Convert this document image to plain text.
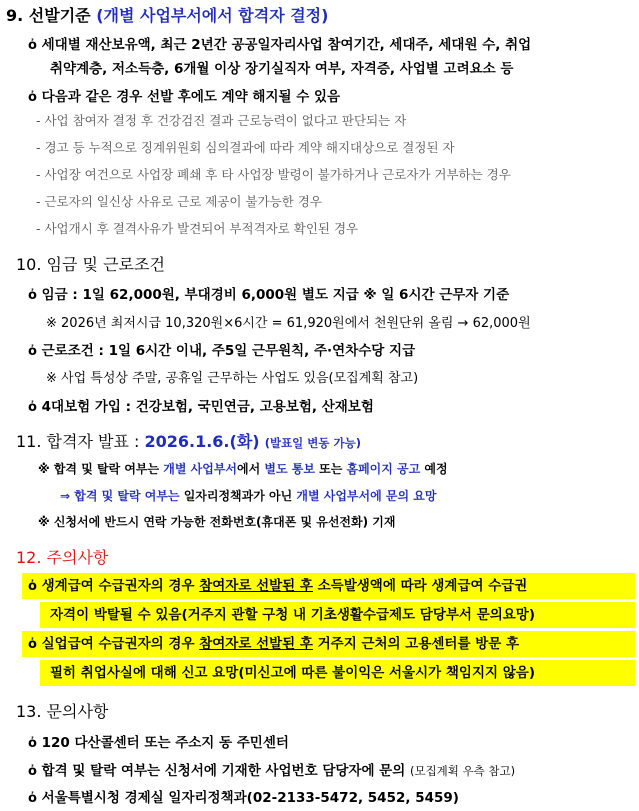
9. 선발기준 (개별 사업부서에서 합격자 결정)
ὀ 세대별 재산보유액, 최근 2년간 공공일자리사업 참여기간, 세대주, 세대원 수, 취업
취약계층, 저소득층, 6개월 이상 장기실직자 여부, 자격증, 사업별 고려요소 등
ὀ 다음과 같은 경우 선발 후에도 계약 해지될 수 있음
- 사업 참여자 결정 후 건강검진 결과 근로능력이 없다고 판단되는 자
- 경고 등 누적으로 징계위원회 심의결과에 따라 계약 해지대상으로 결정된 자
- 사업장 여건으로 사업장 폐쇄 후 타 사업장 발령이 불가하거나 근로자가 거부하는 경우
- 근로자의 일신상 사유로 근로 제공이 불가능한 경우
- 사업개시 후 결격사유가 발견되어 부적격자로 확인된 경우
10. 임금 및 근로조건
ὀ 임금 : 1일 62,000원, 부대경비 6,000원 별도 지급 ※ 일 6시간 근무자 기준
※ 2026년 최저시급 10,320원×6시간 = 61,920원에서 천원단위 올림 → 62,000원
ὀ 근로조건 : 1일 6시간 이내, 주5일 근무원칙, 주·연차수당 지급
※ 사업 특성상 주말, 공휴일 근무하는 사업도 있음(모집계획 참고)
ὀ 4대보험 가입 : 건강보험, 국민연금, 고용보험, 산재보험
11. 합격자 발표 : 2026.1.6.(화) (발표일 변동 가능)
※ 합격 및 탈락 여부는 개별 사업부서에서 별도 통보 또는 홈페이지 공고 예정
⇒ 합격 및 탈락 여부는 일자리정책과가 아닌 개별 사업부서에 문의 요망
※ 신청서에 반드시 연락 가능한 전화번호(휴대폰 및 유선전화) 기재
12. 주의사항
ὀ 생계급여 수급권자의 경우 참여자로 선발된 후 소득발생액에 따라 생계급여 수급권
자격이 박탈될 수 있음(거주지 관할 구청 내 기초생활수급제도 담당부서 문의요망)
ὀ 실업급여 수급권자의 경우 참여자로 선발된 후 거주지 근처의 고용센터를 방문 후
필히 취업사실에 대해 신고 요망(미신고에 따른 불이익은 서울시가 책임지지 않음)
13. 문의사항
ὀ 120 다산콜센터 또는 주소지 동 주민센터
ὀ 합격 및 탈락 여부는 신청서에 기재한 사업번호 담당자에 문의 (모집계획 우측 참고)
ὀ 서울특별시청 경제실 일자리정책과(02-2133-5472, 5452, 5459)
